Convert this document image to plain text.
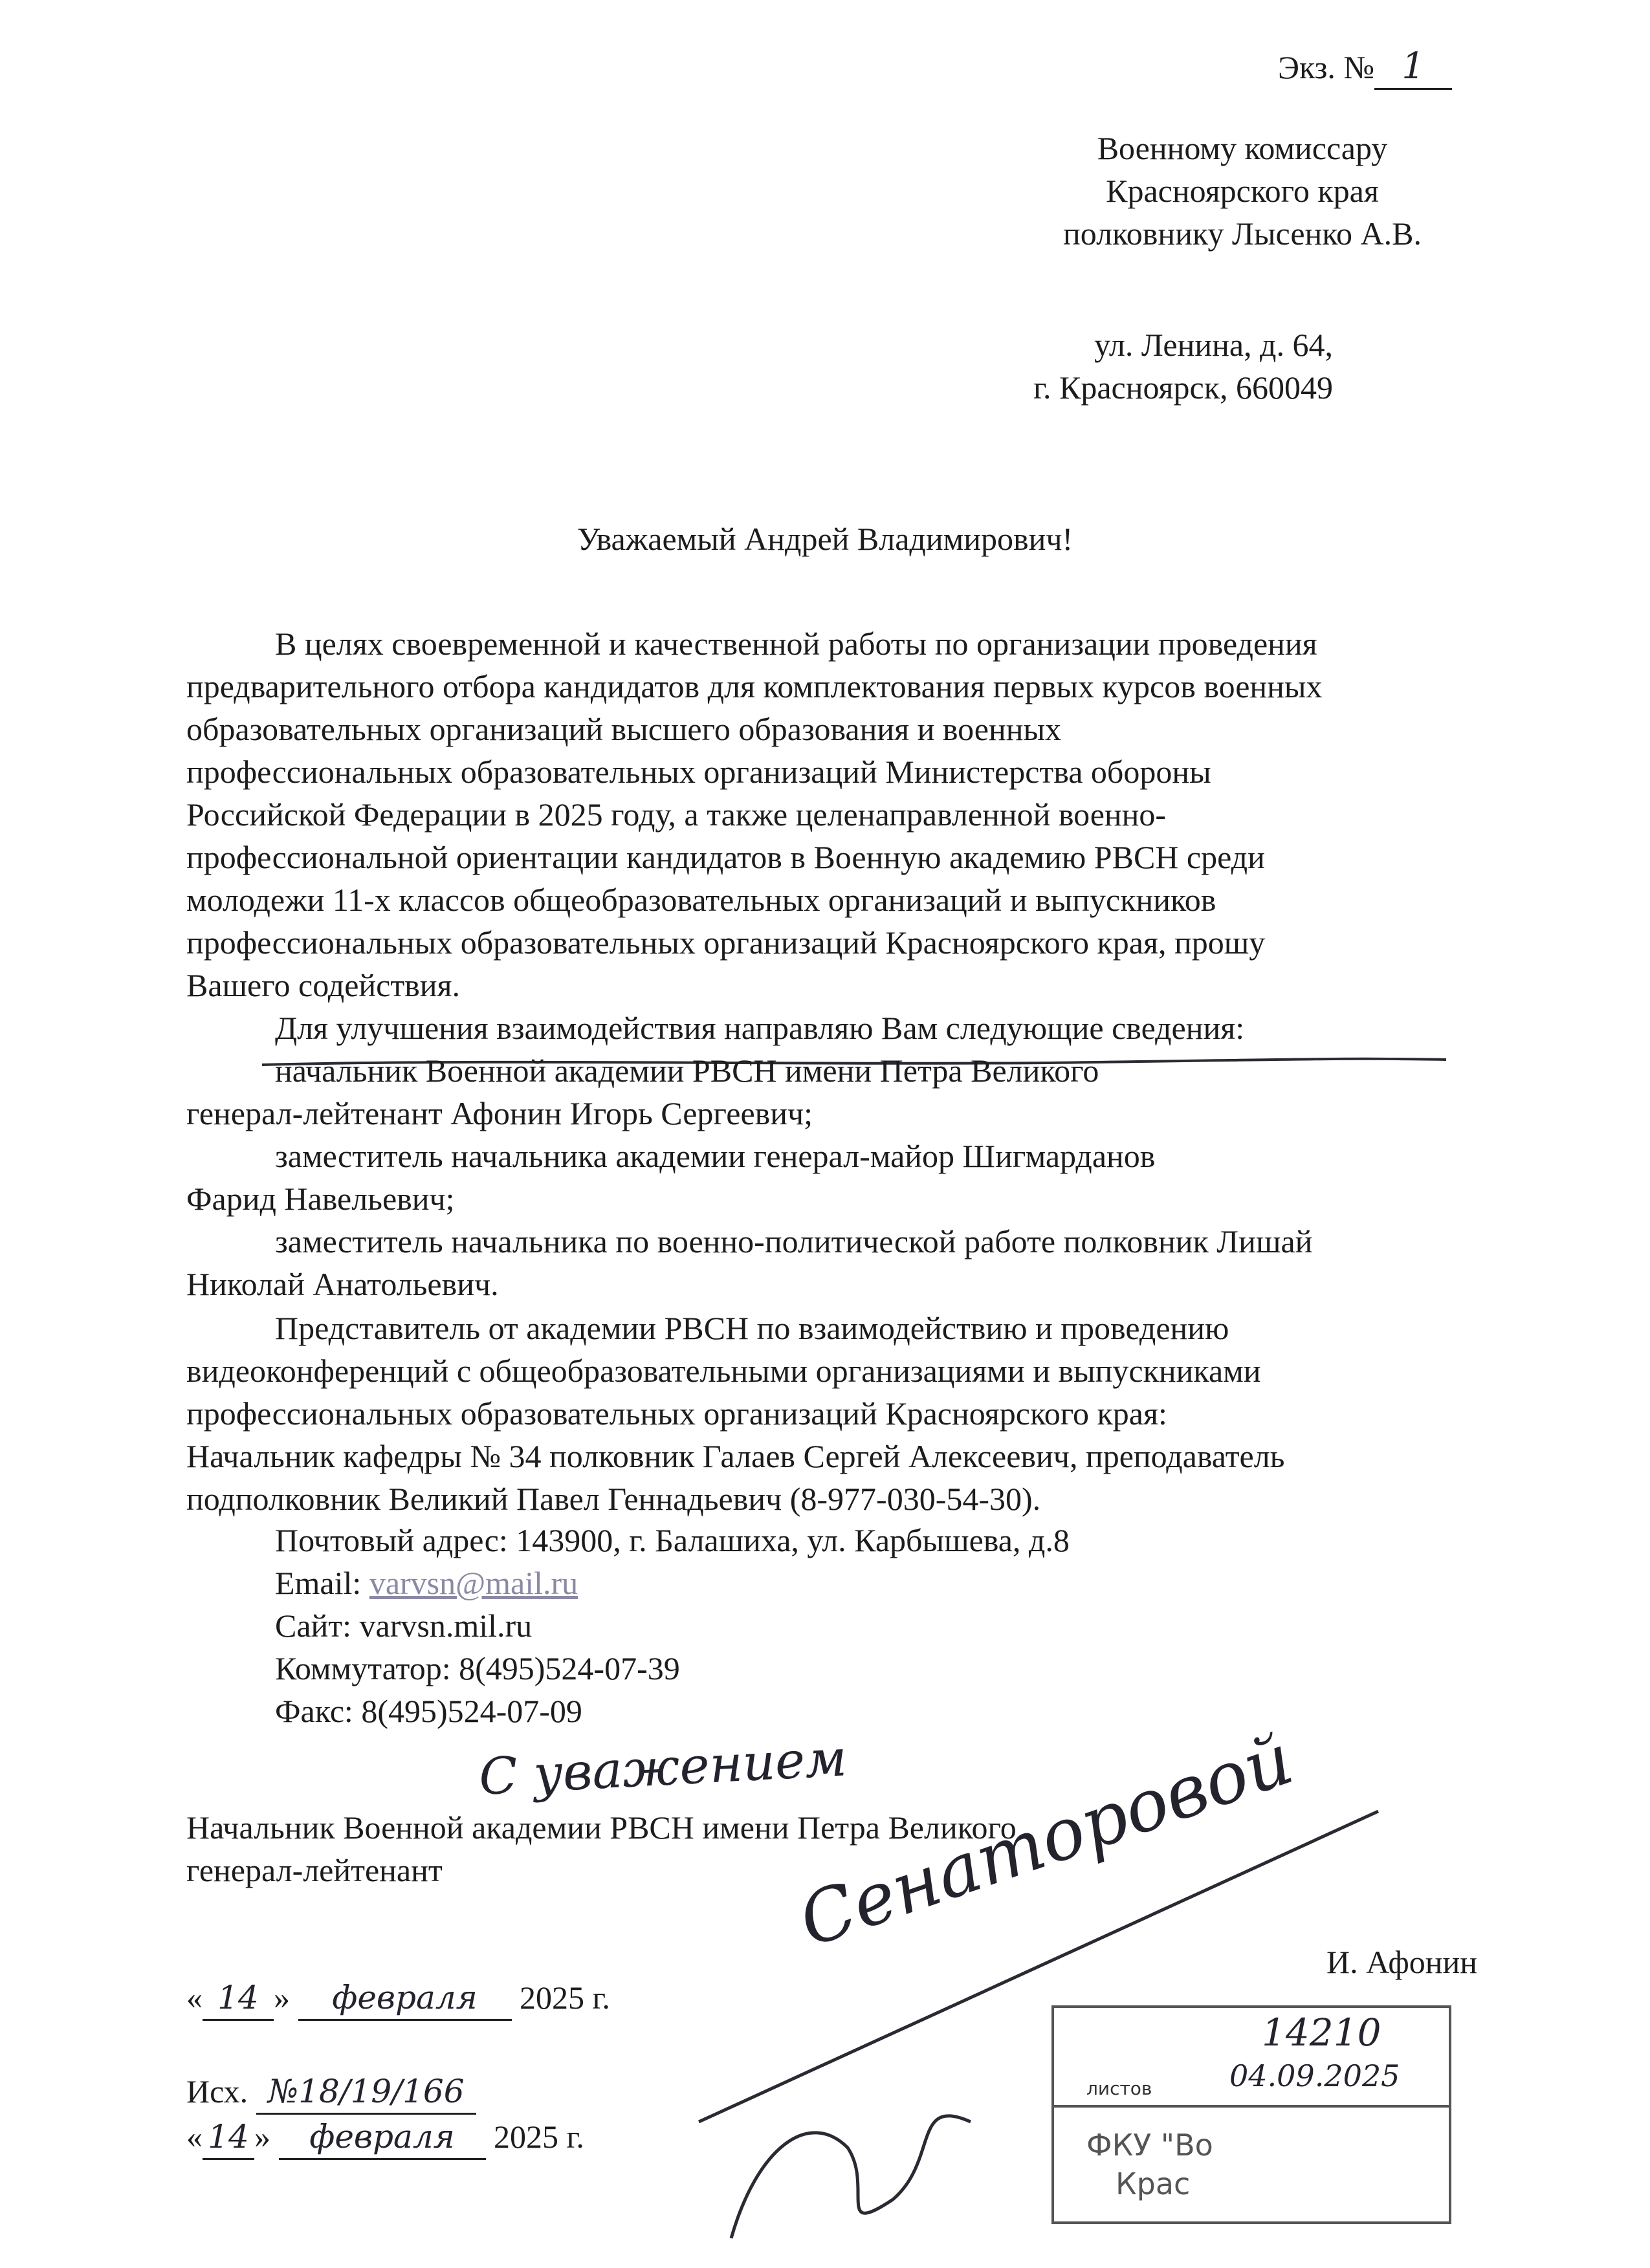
Экз. № 1
Военному комиссару
Красноярского края
полковнику Лысенко А.В.
ул. Ленина, д. 64,
г. Красноярск, 660049
Уважаемый Андрей Владимирович!
В целях своевременной и качественной работы по организации проведения
предварительного отбора кандидатов для комплектования первых курсов военных
образовательных организаций высшего образования и военных
профессиональных образовательных организаций Министерства обороны
Российской Федерации в 2025 году, а также целенаправленной военно-
профессиональной ориентации кандидатов в Военную академию РВСН среди
молодежи 11-х классов общеобразовательных организаций и выпускников
профессиональных образовательных организаций Красноярского края, прошу
Вашего содействия.
Для улучшения взаимодействия направляю Вам следующие сведения:
начальник Военной академии РВСН имени Петра Великого
генерал-лейтенант Афонин Игорь Сергеевич;
заместитель начальника академии генерал-майор Шигмарданов
Фарид Навельевич;
заместитель начальника по военно-политической работе полковник Лишай
Николай Анатольевич.
Представитель от академии РВСН по взаимодействию и проведению
видеоконференций с общеобразовательными организациями и выпускниками
профессиональных образовательных организаций Красноярского края:
Начальник кафедры № 34 полковник Галаев Сергей Алексеевич, преподаватель
подполковник Великий Павел Геннадьевич (8-977-030-54-30).
Почтовый адрес: 143900, г. Балашиха, ул. Карбышева, д.8
Email: varvsn@mail.ru
Сайт: varvsn.mil.ru
Коммутатор: 8(495)524-07-39
Факс: 8(495)524-07-09
С уважением
Начальник Военной академии РВСН имени Петра Великого
генерал-лейтенант
И. Афонин
Сенаторовой
« 14 » февраля 2025 г.
Исх. №18/19/166
« 14 » февраля 2025 г.
листов
ФКУ "Во
Крас
14210
04.09.2025
